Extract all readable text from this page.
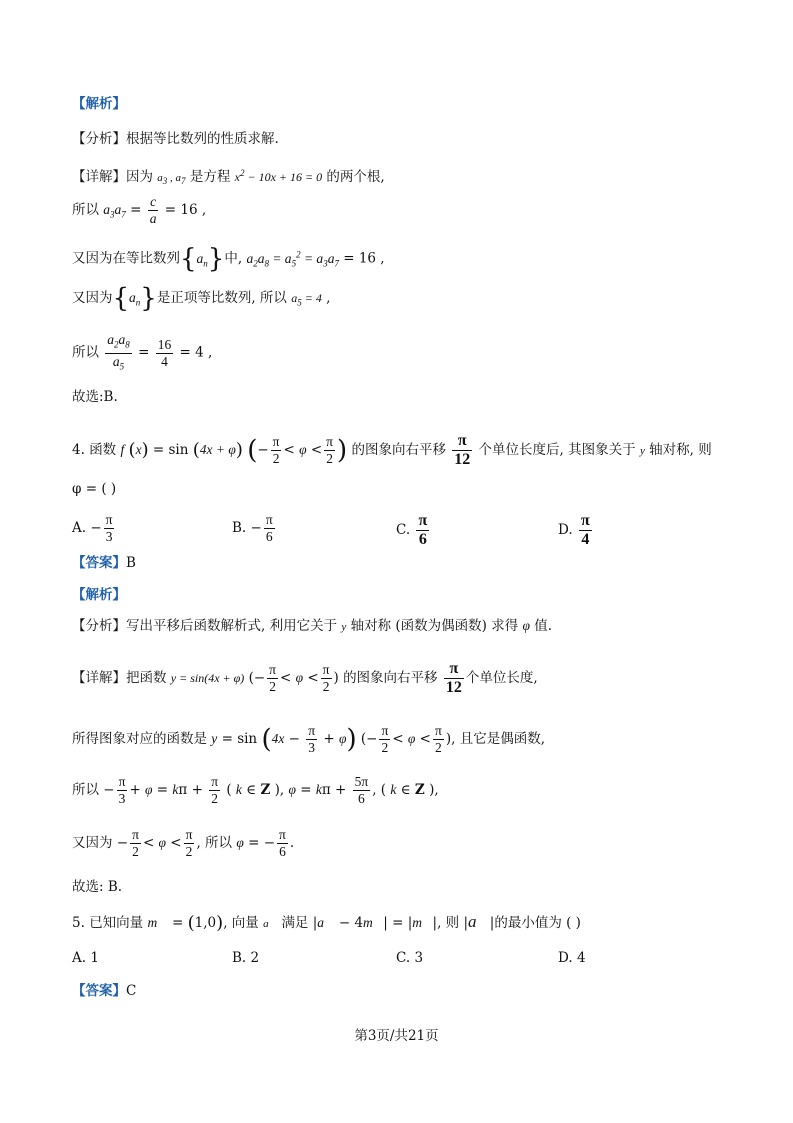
【解析】
【分析】根据等比数列的性质求解.
【详解】因为 $a_3$ , $a_7$ 是方程 $x^2 - 10x + 16 = 0$ 的两个根,
所以 $a_3a_7 = \frac{c}{a} = 16$ ,
又因为在等比数列$\{a_n\}$中, $a_2a_8 = a_5^2 = a_3a_7 = 16$ ,
又因为$\{a_n\}$是正项等比数列, 所以 $a_5 = 4$ ,
所以 $\frac{a_2a_8}{a_5} = \frac{16}{4} = 4$ ,
故选:B.
4. 函数 f (x) = sin (4x + φ) (− $\frac{\pi}{2} < \varphi < \frac{\pi}{2}$ ) 的图象向右平移 $\frac{\pi}{12}$ 个单位长度后, 其图象关于 y 轴对称, 则
φ = ( )
A. − $\frac{\pi}{3}$	B. − $\frac{\pi}{6}$	C. $\frac{\pi}{6}$	D. $\frac{\pi}{4}$
【答案】B
【解析】
【分析】写出平移后函数解析式, 利用它关于 y 轴对称 (函数为偶函数) 求得 φ 值.
【详解】把函数 y = sin(4x + φ) (− $\frac{\pi}{2} < \varphi < \frac{\pi}{2}$ ) 的图象向右平移 $\frac{\pi}{12}$ 个单位长度,
所得图象对应的函数是 $y = \sin (4x - \frac{\pi}{3} + \varphi)$ (− $\frac{\pi}{2} < \varphi < \frac{\pi}{2}$ ), 且它是偶函数,
所以 − $\frac{\pi}{3} + \varphi = k\pi + \frac{\pi}{2}$ ( k ∈ Z ), $\varphi = k\pi + \frac{5\pi}{6}$ , ( k ∈ Z ),
又因为 − $\frac{\pi}{2} < \varphi < \frac{\pi}{2}$ , 所以 φ = − $\frac{\pi}{6}$ .
故选: B.
5. 已知向量 m⃗ = (1,0), 向量 a⃗ 满足 |a⃗ − 4m⃗| = |m⃗|, 则 |a⃗|的最小值为 ( )
A. 1	B. 2	C. 3	D. 4
【答案】C
第3页/共21页
